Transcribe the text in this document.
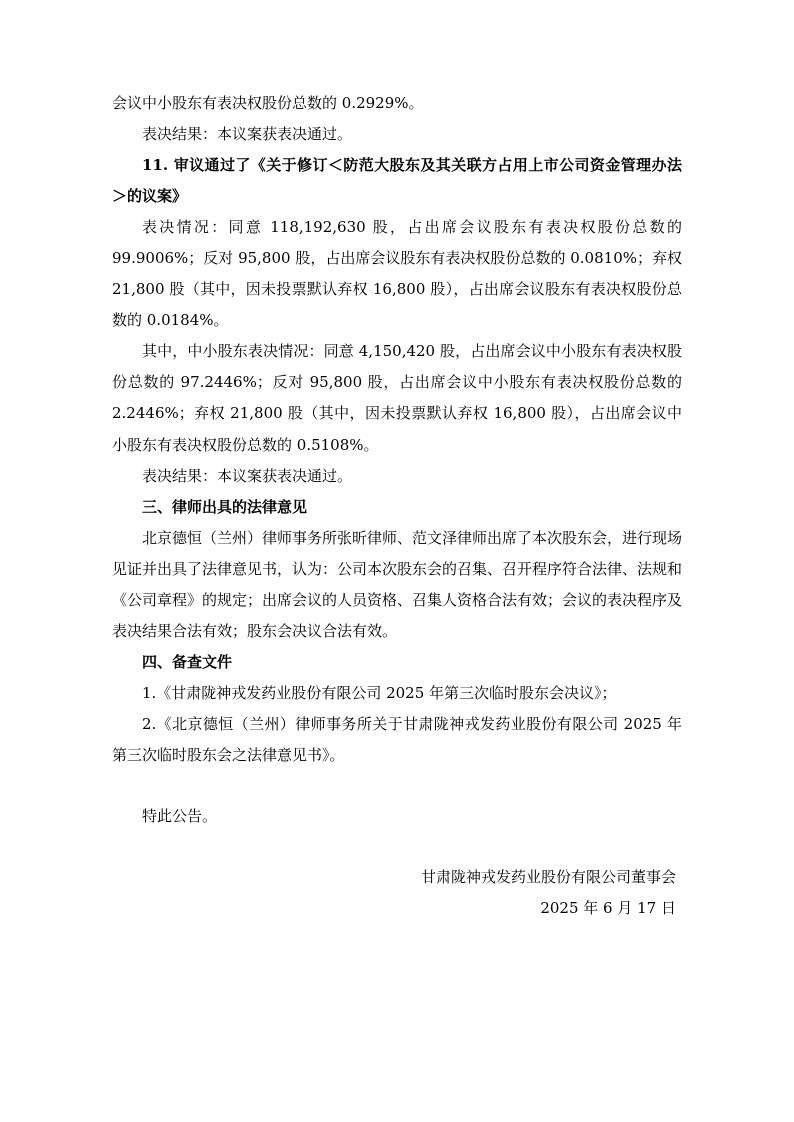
会议中小股东有表决权股份总数的 0.2929%。

表决结果：本议案获表决通过。

11. 审议通过了《关于修订＜防范大股东及其关联方占用上市公司资金管理办法＞的议案》

表决情况：同意 118,192,630 股，占出席会议股东有表决权股份总数的 99.9006%；反对 95,800 股，占出席会议股东有表决权股份总数的 0.0810%；弃权 21,800 股（其中，因未投票默认弃权 16,800 股），占出席会议股东有表决权股份总数的 0.0184%。

其中，中小股东表决情况：同意 4,150,420 股，占出席会议中小股东有表决权股份总数的 97.2446%；反对 95,800 股，占出席会议中小股东有表决权股份总数的 2.2446%；弃权 21,800 股（其中，因未投票默认弃权 16,800 股），占出席会议中小股东有表决权股份总数的 0.5108%。

表决结果：本议案获表决通过。

三、律师出具的法律意见

北京德恒（兰州）律师事务所张昕律师、范文泽律师出席了本次股东会，进行现场见证并出具了法律意见书，认为：公司本次股东会的召集、召开程序符合法律、法规和《公司章程》的规定；出席会议的人员资格、召集人资格合法有效；会议的表决程序及表决结果合法有效；股东会决议合法有效。

四、备查文件

1.《甘肃陇神戎发药业股份有限公司 2025 年第三次临时股东会决议》；

2.《北京德恒（兰州）律师事务所关于甘肃陇神戎发药业股份有限公司 2025 年第三次临时股东会之法律意见书》。

特此公告。

甘肃陇神戎发药业股份有限公司董事会

2025 年 6 月 17 日
